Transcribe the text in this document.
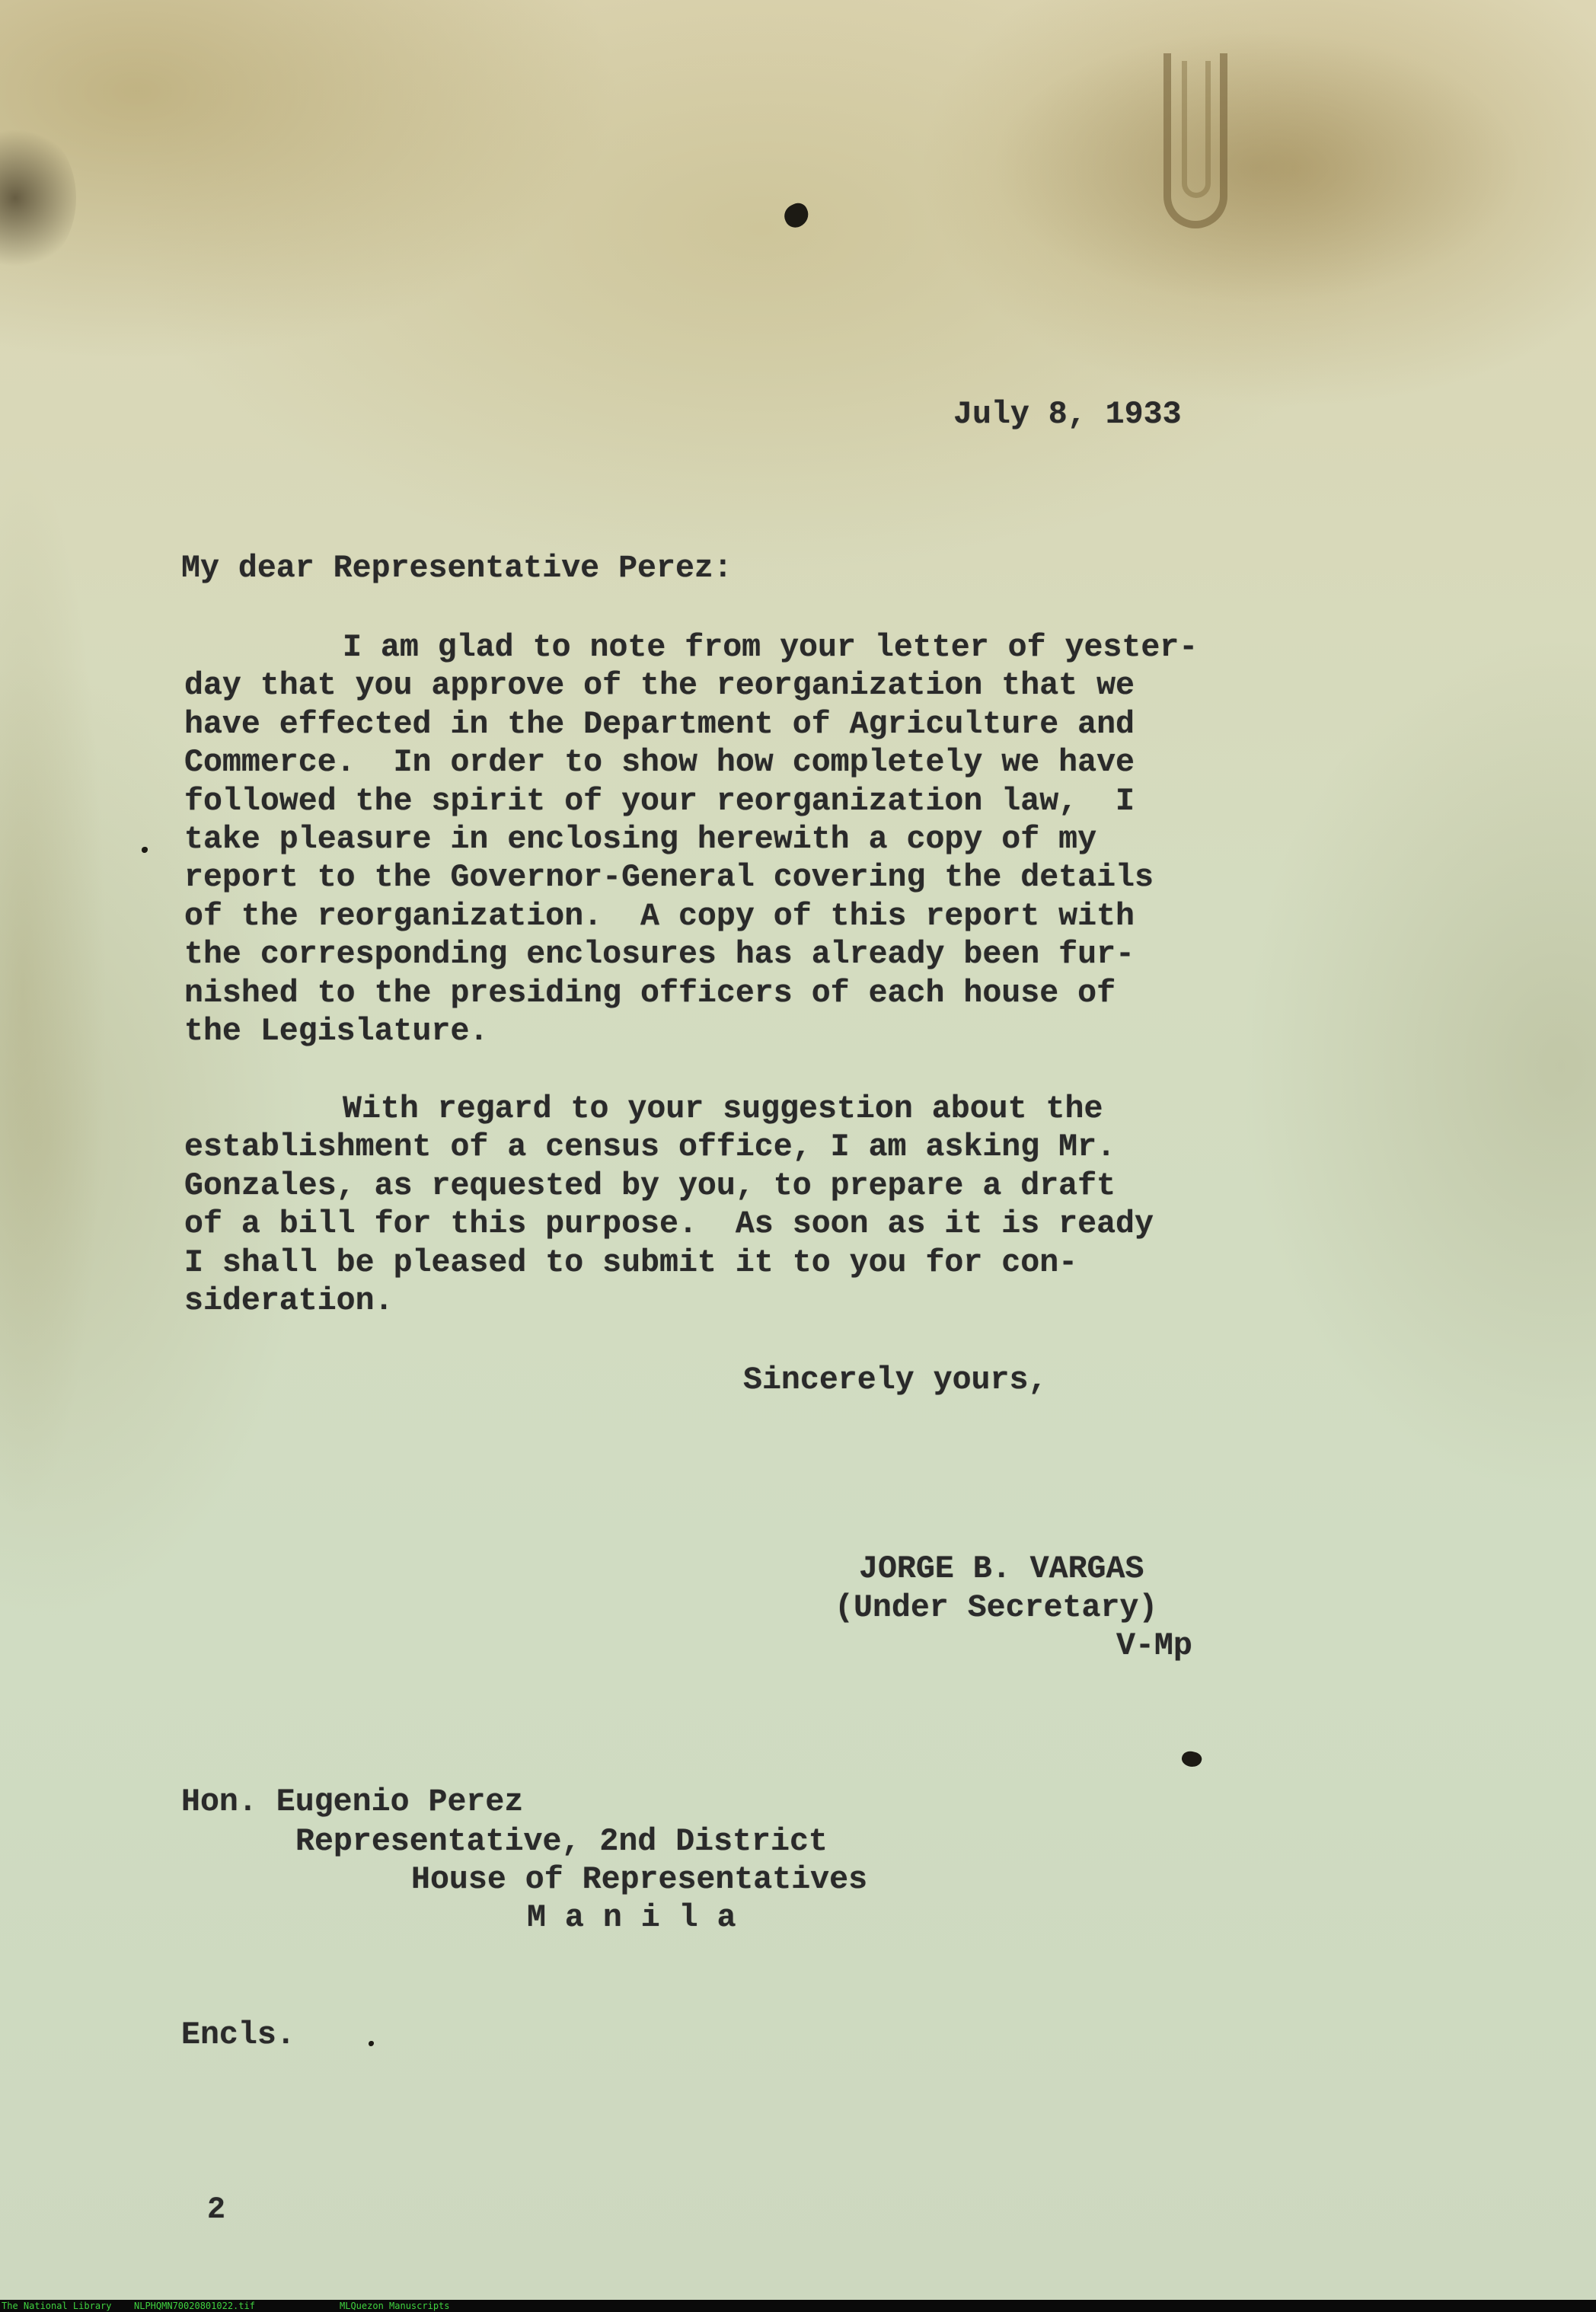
July 8, 1933
My dear Representative Perez:
I am glad to note from your letter of yester-
day that you approve of the reorganization that we
have effected in the Department of Agriculture and
Commerce.  In order to show how completely we have
followed the spirit of your reorganization law,  I
take pleasure in enclosing herewith a copy of my
report to the Governor-General covering the details
of the reorganization.  A copy of this report with
the corresponding enclosures has already been fur-
nished to the presiding officers of each house of
the Legislature.
With regard to your suggestion about the
establishment of a census office, I am asking Mr.
Gonzales, as requested by you, to prepare a draft
of a bill for this purpose.  As soon as it is ready
I shall be pleased to submit it to you for con-
sideration.
Sincerely yours,
JORGE B. VARGAS
(Under Secretary)
V-Mp
Hon. Eugenio Perez
Representative, 2nd District
House of Representatives
M a n i l a
Encls.
2
The National Library NLPHQMN70020801022.tif	MLQuezon Manuscripts
